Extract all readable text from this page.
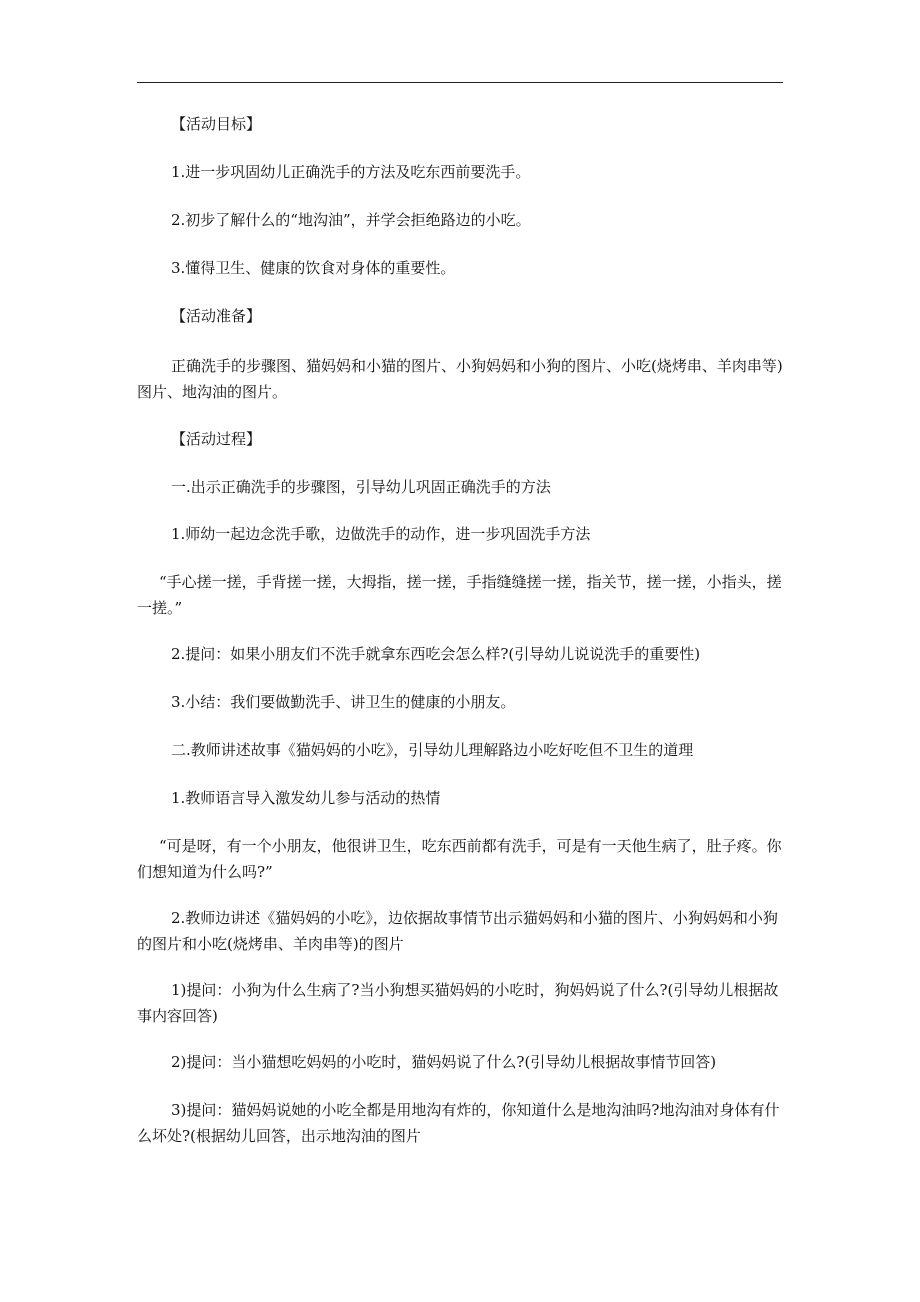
【活动目标】

1.进一步巩固幼儿正确洗手的方法及吃东西前要洗手。

2.初步了解什么的“地沟油”，并学会拒绝路边的小吃。

3.懂得卫生、健康的饮食对身体的重要性。

【活动准备】

正确洗手的步骤图、猫妈妈和小猫的图片、小狗妈妈和小狗的图片、小吃(烧烤串、羊肉串等)图片、地沟油的图片。

【活动过程】

一.出示正确洗手的步骤图，引导幼儿巩固正确洗手的方法

1.师幼一起边念洗手歌，边做洗手的动作，进一步巩固洗手方法

“手心搓一搓，手背搓一搓，大拇指，搓一搓，手指缝缝搓一搓，指关节，搓一搓，小指头，搓一搓。”

2.提问：如果小朋友们不洗手就拿东西吃会怎么样?(引导幼儿说说洗手的重要性)

3.小结：我们要做勤洗手、讲卫生的健康的小朋友。

二.教师讲述故事《猫妈妈的小吃》，引导幼儿理解路边小吃好吃但不卫生的道理

1.教师语言导入激发幼儿参与活动的热情

“可是呀，有一个小朋友，他很讲卫生，吃东西前都有洗手，可是有一天他生病了，肚子疼。你们想知道为什么吗?”

2.教师边讲述《猫妈妈的小吃》，边依据故事情节出示猫妈妈和小猫的图片、小狗妈妈和小狗的图片和小吃(烧烤串、羊肉串等)的图片

1)提问：小狗为什么生病了?当小狗想买猫妈妈的小吃时，狗妈妈说了什么?(引导幼儿根据故事内容回答)

2)提问：当小猫想吃妈妈的小吃时，猫妈妈说了什么?(引导幼儿根据故事情节回答)

3)提问：猫妈妈说她的小吃全都是用地沟有炸的，你知道什么是地沟油吗?地沟油对身体有什么坏处?(根据幼儿回答，出示地沟油的图片
